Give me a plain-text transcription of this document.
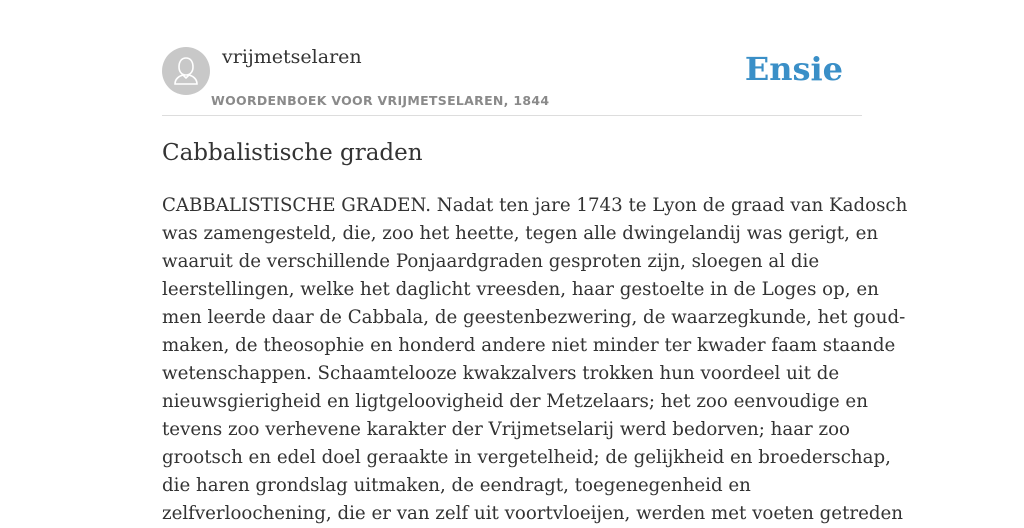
vrijmetselaren
WOORDENBOEK VOOR VRIJMETSELAREN, 1844
Ensie
Cabbalistische graden

CABBALISTISCHE GRADEN. Nadat ten jare 1743 te Lyon de graad van Kadosch
was zamengesteld, die, zoo het heette, tegen alle dwingelandij was gerigt, en
waaruit de verschillende Ponjaardgraden gesproten zijn, sloegen al die
leerstellingen, welke het daglicht vreesden, haar gestoelte in de Loges op, en
men leerde daar de Cabbala, de geestenbezwering, de waarzegkunde, het goud-
maken, de theosophie en honderd andere niet minder ter kwader faam staande
wetenschappen. Schaamtelooze kwakzalvers trokken hun voordeel uit de
nieuwsgierigheid en ligtgeloovigheid der Metzelaars; het zoo eenvoudige en
tevens zoo verhevene karakter der Vrijmetselarij werd bedorven; haar zoo
grootsch en edel doel geraakte in vergetelheid; de gelijkheid en broederschap,
die haren grondslag uitmaken, de eendragt, toegenegenheid en
zelfverloochening, die er van zelf uit voortvloeijen, werden met voeten getreden
